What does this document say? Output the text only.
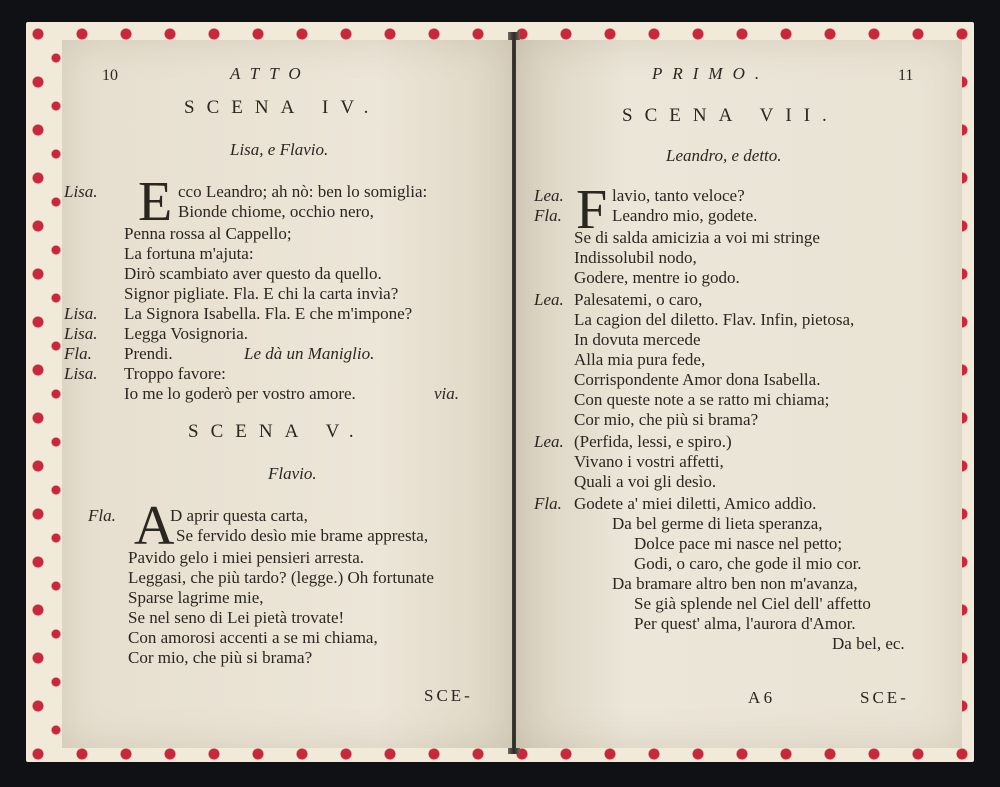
10	ATTO
SCENA IV.
Lisa, e Flavio.
E
Lisa.	cco Leandro; ah nò: ben lo somiglia:
Bionde chiome, occhio nero,
Penna rossa al Cappello;
La fortuna m'ajuta:
Dirò scambiato aver questo da quello.
Signor pigliate. Fla. E chi la carta invìa?
Lisa. La Signora Isabella. Fla. E che m'impone?
Lisa. Legga Vosignoria.
Fla. Prendi.	Le dà un Maniglio.
Lisa. Troppo favore:
Io me lo goderò per vostro amore.	via.
SCENA V.
Flavio.
A
Fla.	D aprir questa carta,
Se fervido desìo mie brame appresta,
Pavido gelo i miei pensieri arresta.
Leggasi, che più tardo? (legge.) Oh fortunate
Sparse lagrime mie,
Se nel seno di Lei pietà trovate!
Con amorosi accenti a se mi chiama,
Cor mio, che più si brama?
SCE-
PRIMO.	11
SCENA VII.
Leandro, e detto.
F
Lea.	lavio, tanto veloce?
Fla.	Leandro mio, godete.
Se di salda amicizia a voi mi stringe
Indissolubil nodo,
Godere, mentre io godo.
Lea. Palesatemi, o caro,
La cagion del diletto. Flav. Infin, pietosa,
In dovuta mercede
Alla mia pura fede,
Corrispondente Amor dona Isabella.
Con queste note a se ratto mi chiama;
Cor mio, che più si brama?
Lea. (Perfida, lessi, e spiro.)
Vivano i vostri affetti,
Quali a voi gli desìo.
Fla. Godete a' miei diletti, Amico addìo.
Da bel germe di lieta speranza,
Dolce pace mi nasce nel petto;
Godi, o caro, che gode il mio cor.
Da bramare altro ben non m'avanza,
Se già splende nel Ciel dell' affetto
Per quest' alma, l'aurora d'Amor.
Da bel, ec.
A 6	SCE-
